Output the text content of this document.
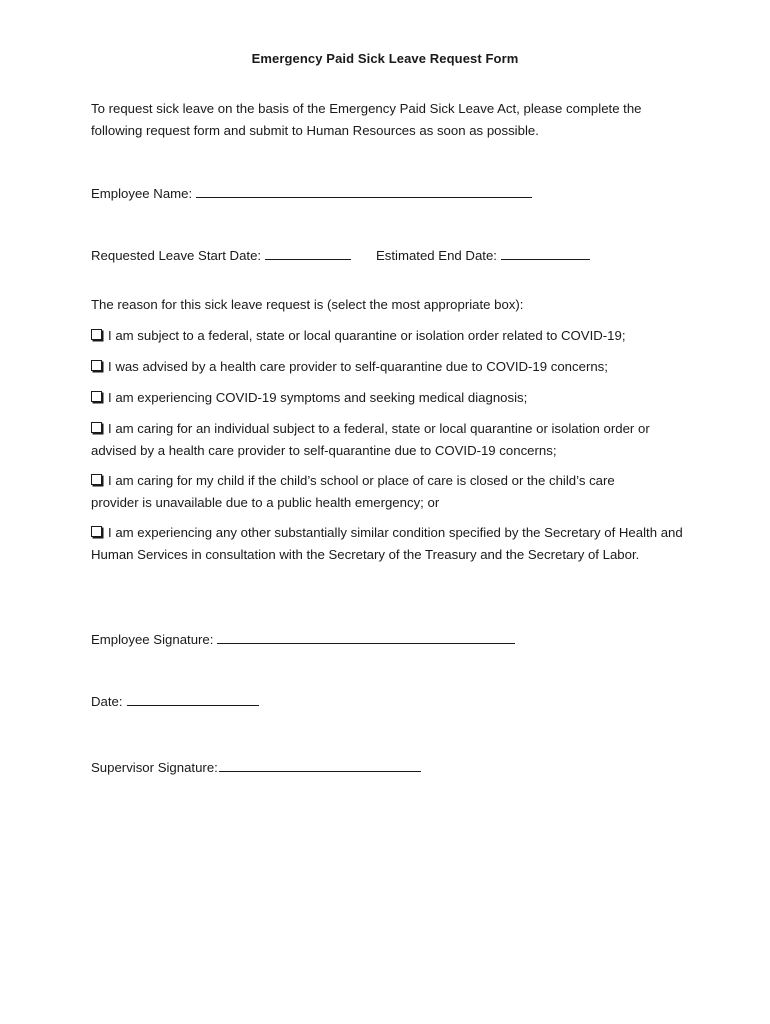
Emergency Paid Sick Leave Request Form
To request sick leave on the basis of the Emergency Paid Sick Leave Act, please complete the following request form and submit to Human Resources as soon as possible.
Employee Name:
Requested Leave Start Date:	Estimated End Date:
The reason for this sick leave request is (select the most appropriate box):
I am subject to a federal, state or local quarantine or isolation order related to COVID-19;
I was advised by a health care provider to self-quarantine due to COVID-19 concerns;
I am experiencing COVID-19 symptoms and seeking medical diagnosis;
I am caring for an individual subject to a federal, state or local quarantine or isolation order or advised by a health care provider to self-quarantine due to COVID-19 concerns;
I am caring for my child if the child’s school or place of care is closed or the child’s care provider is unavailable due to a public health emergency; or
I am experiencing any other substantially similar condition specified by the Secretary of Health and Human Services in consultation with the Secretary of the Treasury and the Secretary of Labor.
Employee Signature:
Date:
Supervisor Signature:
